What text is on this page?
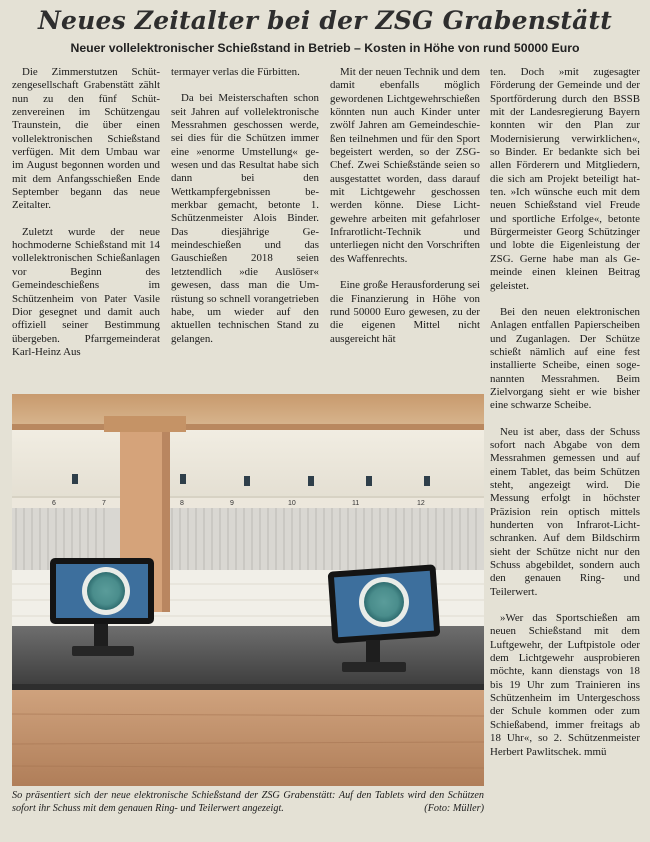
Neues Zeitalter bei der ZSG Grabenstätt
Neuer vollelektronischer Schießstand in Betrieb – Kosten in Höhe von rund 50000 Euro

Die Zimmerstutzen Schützengesellschaft Grabenstätt zählt nun zu den fünf Schützenvereinen im Schützengau Traunstein, die über einen vollelektronischen Schießstand verfügen. Mit dem Umbau war im August begonnen worden und mit dem Anfangsschießen Ende September begann das neue Zeitalter.

Zuletzt wurde der neue hochmoderne Schießstand mit 14 vollelektronischen Schießanlagen vor Beginn des Gemeindeschießens im Schützenheim von Pater Vasile Dior gesegnet und damit auch offiziell seiner Bestimmung übergeben. Pfarrgemeinderat Karl-Heinz Aus

termayer verlas die Fürbitten.

Da bei Meisterschaften schon seit Jahren auf vollelektronische Messrahmen geschossen werde, sei dies für die Schützen immer eine »enorme Umstellung« gewesen und das Resultat habe sich dann bei den Wettkampfergebnissen bemerkbar gemacht, betonte 1. Schützenmeister Alois Binder. Das diesjährige Gemeindeschießen und das Gauschießen 2018 seien letztendlich »die Auslöser« gewesen, dass man die Umrüstung so schnell vorangetrieben habe, um wieder auf den aktuellen technischen Stand zu gelangen.

Mit der neuen Technik und dem damit ebenfalls möglich gewordenen Lichtgewehrschießen könnten nun auch Kinder unter zwölf Jahren am Gemeindeschießen teilnehmen und für den Sport begeistert werden, so der ZSG-Chef. Zwei Schießstände seien so ausgestattet worden, dass darauf mit Lichtgewehr geschossen werden könne. Diese Lichtgewehre arbeiten mit gefahrloser Infrarotlicht-Technik und unterliegen nicht den Vorschriften des Waffenrechts.

Eine große Herausforderung sei die Finanzierung in Höhe von rund 50000 Euro gewesen, zu der die eigenen Mittel nicht ausgereicht hät

ten. Doch »mit zugesagter Förderung der Gemeinde und der Sportförderung durch den BSSB mit der Landesregierung Bayern konnten wir den Plan zur Modernisierung verwirklichen«, so Binder. Er bedankte sich bei allen Förderern und Mitgliedern, die sich am Projekt beteiligt hatten. »Ich wünsche euch mit dem neuen Schießstand viel Freude und sportliche Erfolge«, betonte Bürgermeister Georg Schützinger und lobte die Eigenleistung der ZSG. Gerne habe man als Gemeinde einen kleinen Beitrag geleistet.

Bei den neuen elektronischen Anlagen entfallen Papierscheiben und Zuganlagen. Der Schütze schießt nämlich auf eine fest installierte Scheibe, einen sogenannten Messrahmen. Beim Zielvorgang sieht er wie bisher eine schwarze Scheibe.

Neu ist aber, dass der Schuss sofort nach Abgabe von dem Messrahmen gemessen und auf einem Tablet, das beim Schützen steht, angezeigt wird. Die Messung erfolgt in höchster Präzision rein optisch mittels hunderten von Infrarot-Lichtschranken. Auf dem Bildschirm sieht der Schütze nicht nur den Schuss abgebildet, sondern auch den genauen Ring- und Teilerwert.

»Wer das Sportschießen am neuen Schießstand mit dem Luftgewehr, der Luftpistole oder dem Lichtgewehr ausprobieren möchte, kann dienstags von 18 bis 19 Uhr zum Trainieren ins Schützenheim im Untergeschoss der Schule kommen oder zum Schießabend, immer freitags ab 18 Uhr«, so 2. Schützenmeister Herbert Pawlitschek. mmü

6	7	8	9	10	11	12
So präsentiert sich der neue elektronische Schießstand der ZSG Grabenstätt: Auf den Tablets wird den Schützen sofort ihr Schuss mit dem genauen Ring- und Teilerwert angezeigt.	(Foto: Müller)
